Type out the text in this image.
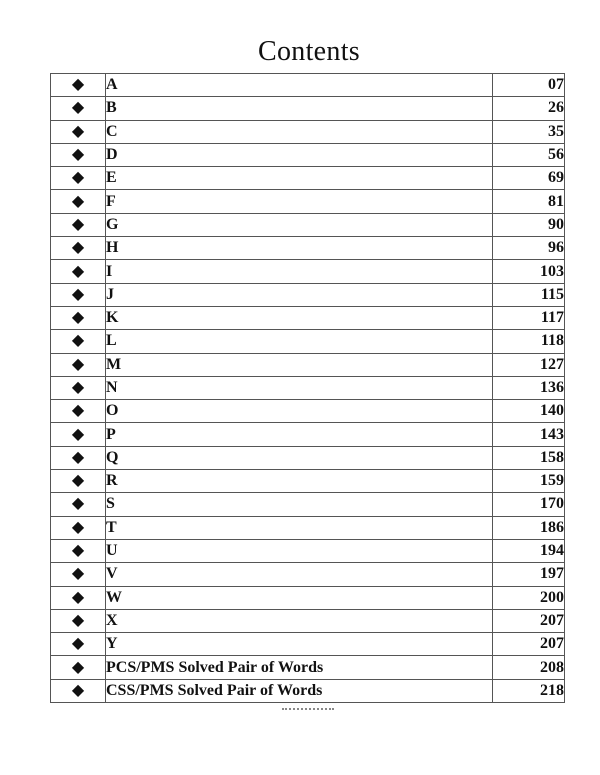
Contents
◆	A	07
◆	B	26
◆	C	35
◆	D	56
◆	E	69
◆	F	81
◆	G	90
◆	H	96
◆	I	103
◆	J	115
◆	K	117
◆	L	118
◆	M	127
◆	N	136
◆	O	140
◆	P	143
◆	Q	158
◆	R	159
◆	S	170
◆	T	186
◆	U	194
◆	V	197
◆	W	200
◆	X	207
◆	Y	207
◆	PCS/PMS Solved Pair of Words	208
◆	CSS/PMS Solved Pair of Words	218
